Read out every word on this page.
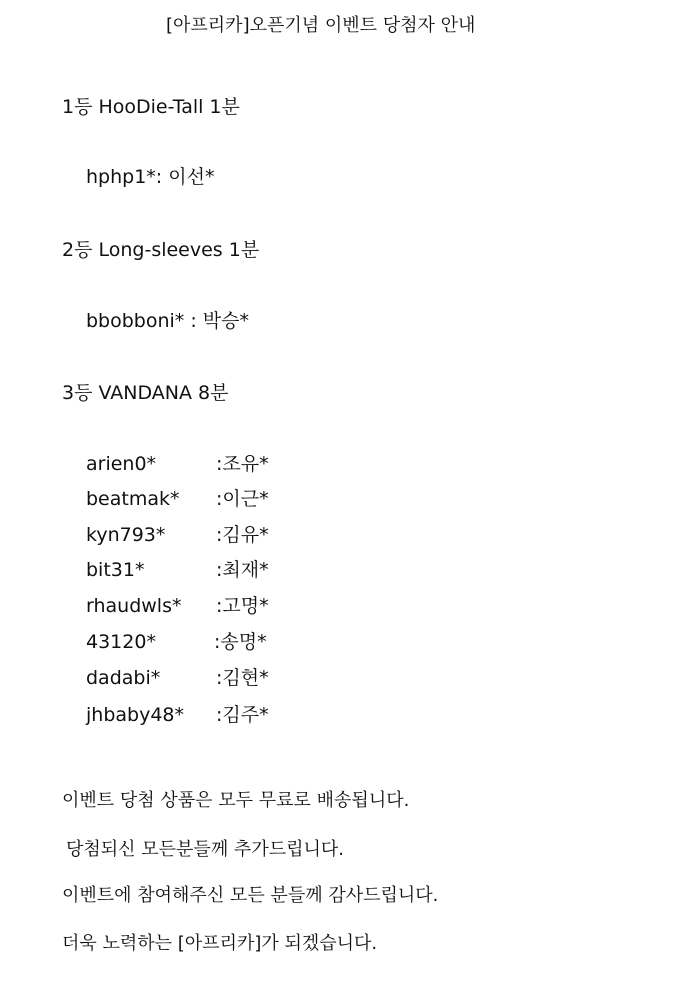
[아프리카]오픈기념 이벤트 당첨자 안내
1등 HooDie-Tall 1분
hphp1*: 이선*
2등 Long-sleeves 1분
bbobboni* : 박승*
3등 VANDANA 8분
arien0*	:조유*
beatmak* :이근*
kyn793*	:김유*
bit31*	:최재*
rhaudwls* :고명*
43120*	:송명*
dadabi*	:김현*
jhbaby48* :김주*
이벤트 당첨 상품은 모두 무료로 배송됩니다.
당첨되신 모든분들께 추가드립니다.
이벤트에 참여해주신 모든 분들께 감사드립니다.
더욱 노력하는 [아프리카]가 되겠습니다.
